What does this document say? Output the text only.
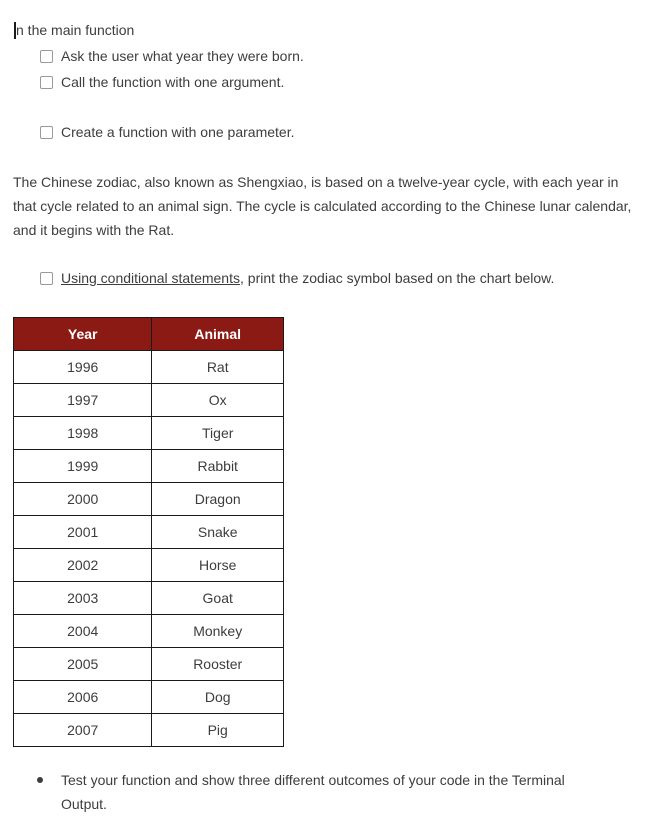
n the main function
Ask the user what year they were born.
Call the function with one argument.
Create a function with one parameter.

The Chinese zodiac, also known as Shengxiao, is based on a twelve-year cycle, with each year in that cycle related to an animal sign. The cycle is calculated according to the Chinese lunar calendar, and it begins with the Rat.

Using conditional statements, print the zodiac symbol based on the chart below.
Year	Animal
1996	Rat
1997	Ox
1998	Tiger
1999	Rabbit
2000	Dragon
2001	Snake
2002	Horse
2003	Goat
2004	Monkey
2005	Rooster
2006	Dog
2007	Pig
Test your function and show three different outcomes of your code in the Terminal Output.
